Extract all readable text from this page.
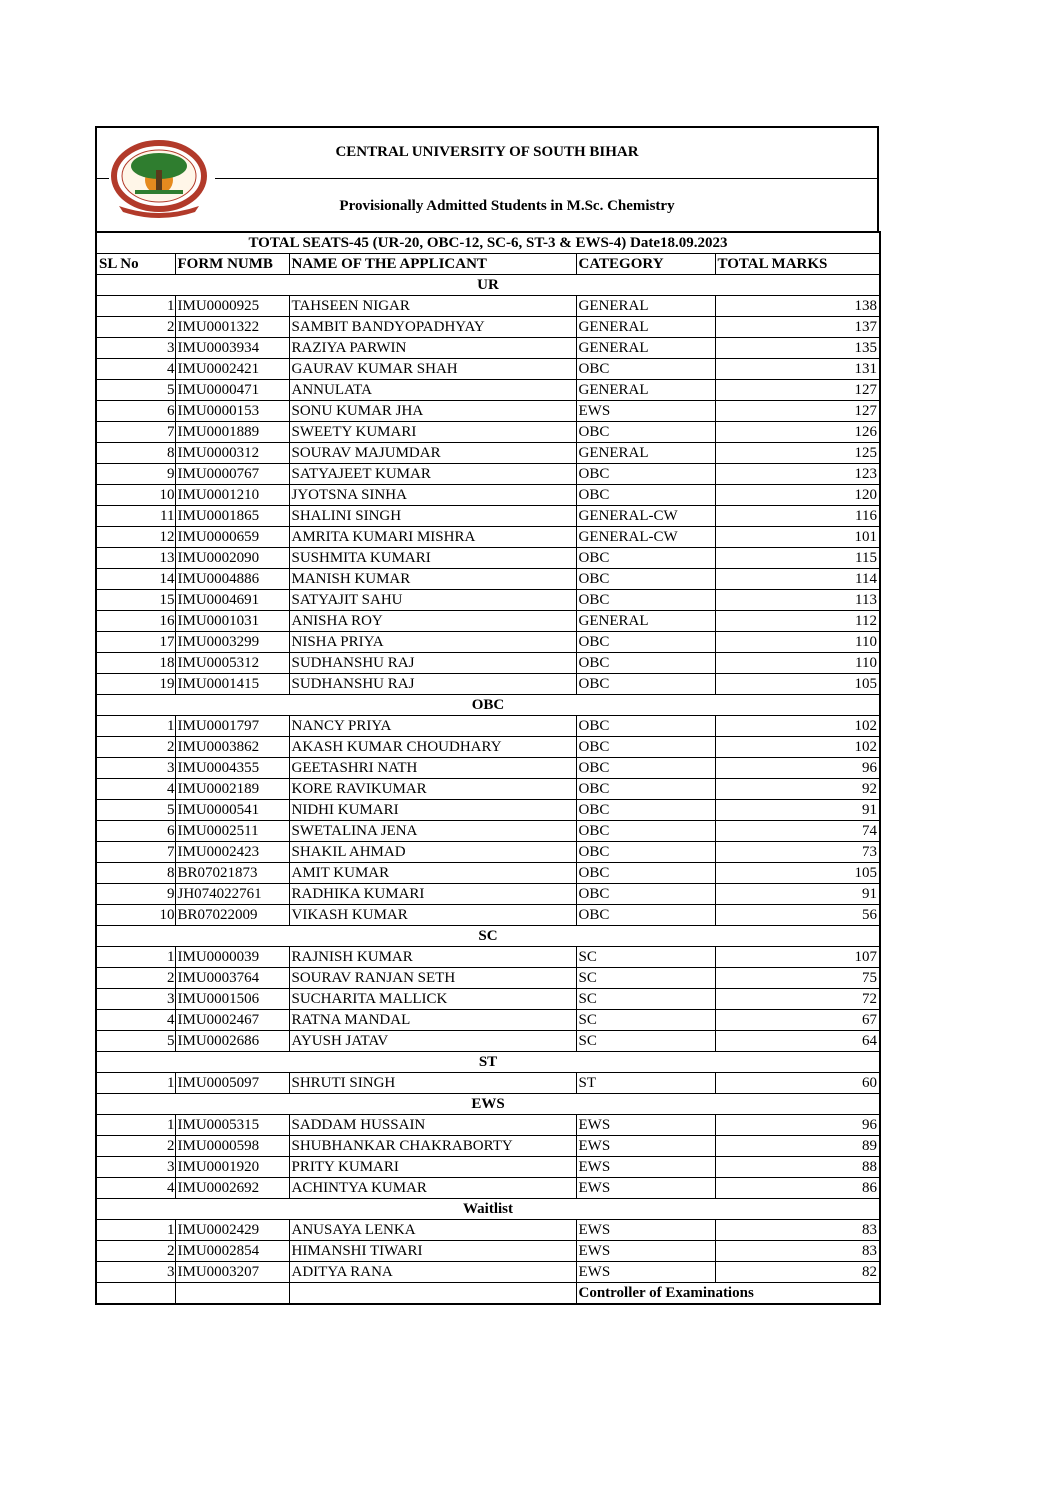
CENTRAL UNIVERSITY OF SOUTH BIHAR
Provisionally Admitted Students in M.Sc. Chemistry
TOTAL SEATS-45 (UR-20, OBC-12, SC-6, ST-3 & EWS-4) Date18.09.2023				
SL No	FORM NUMB	NAME OF THE APPLICANT	CATEGORY	TOTAL MARKS
UR				
1	IMU0000925	TAHSEEN NIGAR	GENERAL	138
2	IMU0001322	SAMBIT BANDYOPADHYAY	GENERAL	137
3	IMU0003934	RAZIYA PARWIN	GENERAL	135
4	IMU0002421	GAURAV KUMAR SHAH	OBC	131
5	IMU0000471	ANNULATA	GENERAL	127
6	IMU0000153	SONU KUMAR JHA	EWS	127
7	IMU0001889	SWEETY KUMARI	OBC	126
8	IMU0000312	SOURAV MAJUMDAR	GENERAL	125
9	IMU0000767	SATYAJEET KUMAR	OBC	123
10	IMU0001210	JYOTSNA SINHA	OBC	120
11	IMU0001865	SHALINI SINGH	GENERAL-CW	116
12	IMU0000659	AMRITA KUMARI MISHRA	GENERAL-CW	101
13	IMU0002090	SUSHMITA KUMARI	OBC	115
14	IMU0004886	MANISH KUMAR	OBC	114
15	IMU0004691	SATYAJIT SAHU	OBC	113
16	IMU0001031	ANISHA ROY	GENERAL	112
17	IMU0003299	NISHA PRIYA	OBC	110
18	IMU0005312	SUDHANSHU RAJ	OBC	110
19	IMU0001415	SUDHANSHU RAJ	OBC	105
OBC				
1	IMU0001797	NANCY PRIYA	OBC	102
2	IMU0003862	AKASH KUMAR CHOUDHARY	OBC	102
3	IMU0004355	GEETASHRI NATH	OBC	96
4	IMU0002189	KORE RAVIKUMAR	OBC	92
5	IMU0000541	NIDHI KUMARI	OBC	91
6	IMU0002511	SWETALINA JENA	OBC	74
7	IMU0002423	SHAKIL AHMAD	OBC	73
8	BR07021873	AMIT KUMAR	OBC	105
9	JH074022761	RADHIKA KUMARI	OBC	91
10	BR07022009	VIKASH KUMAR	OBC	56
SC				
1	IMU0000039	RAJNISH KUMAR	SC	107
2	IMU0003764	SOURAV RANJAN SETH	SC	75
3	IMU0001506	SUCHARITA MALLICK	SC	72
4	IMU0002467	RATNA MANDAL	SC	67
5	IMU0002686	AYUSH JATAV	SC	64
ST				
1	IMU0005097	SHRUTI SINGH	ST	60
EWS				
1	IMU0005315	SADDAM HUSSAIN	EWS	96
2	IMU0000598	SHUBHANKAR CHAKRABORTY	EWS	89
3	IMU0001920	PRITY KUMARI	EWS	88
4	IMU0002692	ACHINTYA KUMAR	EWS	86
Waitlist				
1	IMU0002429	ANUSAYA LENKA	EWS	83
2	IMU0002854	HIMANSHI TIWARI	EWS	83
3	IMU0003207	ADITYA RANA	EWS	82
			Controller of Examinations	
